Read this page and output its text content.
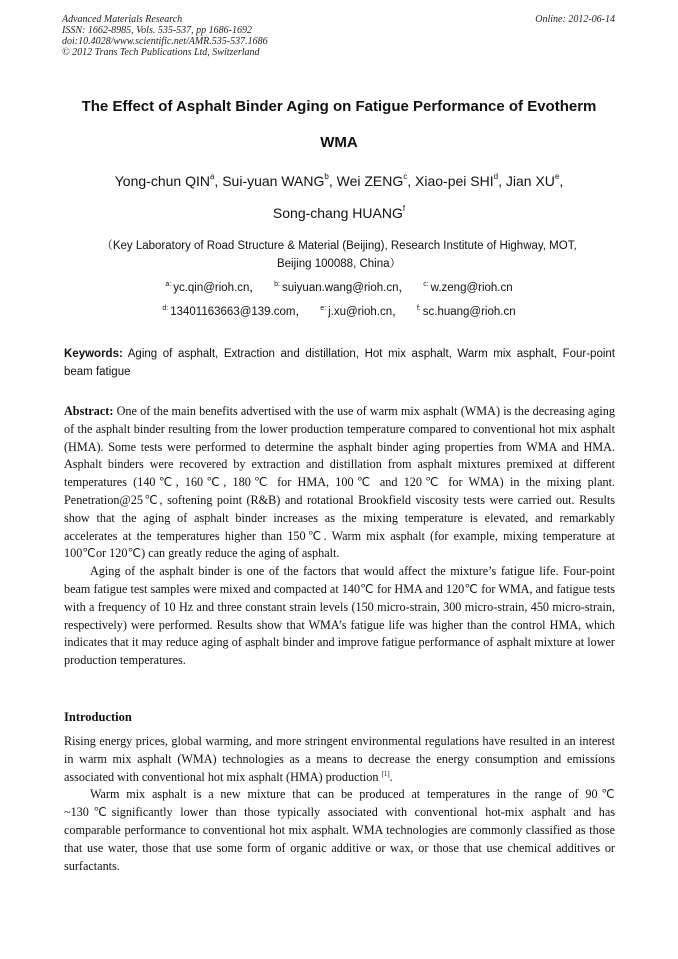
Advanced Materials Research
ISSN: 1662-8985, Vols. 535-537, pp 1686-1692
doi:10.4028/www.scientific.net/AMR.535-537.1686
© 2012 Trans Tech Publications Ltd, Switzerland
Online: 2012-06-14
The Effect of Asphalt Binder Aging on Fatigue Performance of Evotherm
WMA
Yong-chun QIN$^a$, Sui-yuan WANG$^b$, Wei ZENG$^c$, Xiao-pei SHI$^d$, Jian $XU^e$,
Song-chang HUANG$^f$
（Key Laboratory of Road Structure & Material (Beijing), Research Institute of Highway, MOT,
Beijing 100088, China）
$^{a:}$ yc.qin@rioh.cn， $^{b:}$ suiyuan.wang@rioh.cn， $^{c:}$ w.zeng@rioh.cn
$^{d:}$ 13401163663@139.com， $^{e:}$ j.xu@rioh.cn， $^{f:}$ sc.huang@rioh.cn
Keywords: Aging of asphalt, Extraction and distillation, Hot mix asphalt, Warm mix asphalt, Four-point beam fatigue

Abstract: One of the main benefits advertised with the use of warm mix asphalt (WMA) is the decreasing aging of the asphalt binder resulting from the lower production temperature compared to conventional hot mix asphalt (HMA). Some tests were performed to determine the asphalt binder aging properties from WMA and HMA. Asphalt binders were recovered by extraction and distillation from asphalt mixtures premixed at different temperatures (140℃, 160℃, 180℃ for HMA, 100℃ and 120℃ for WMA) in the mixing plant. Penetration@25℃, softening point (R&B) and rotational Brookfield viscosity tests were carried out. Results show that the aging of asphalt binder increases as the mixing temperature is elevated, and remarkably accelerates at the temperatures higher than 150℃. Warm mix asphalt (for example, mixing temperature at 100℃or 120℃) can greatly reduce the aging of asphalt.

Aging of the asphalt binder is one of the factors that would affect the mixture’s fatigue life. Four-point beam fatigue test samples were mixed and compacted at 140℃ for HMA and 120℃ for WMA, and fatigue tests with a frequency of 10 Hz and three constant strain levels (150 micro-strain, 300 micro-strain, 450 micro-strain, respectively) were performed. Results show that WMA’s fatigue life was higher than the control HMA, which indicates that it may reduce aging of asphalt binder and improve fatigue performance of asphalt mixture at lower production temperatures.

Introduction

Rising energy prices, global warming, and more stringent environmental regulations have resulted in an interest in warm mix asphalt (WMA) technologies as a means to decrease the energy consumption and emissions associated with conventional hot mix asphalt (HMA) production [1].

Warm mix asphalt is a new mixture that can be produced at temperatures in the range of 90℃ ~130℃significantly lower than those typically associated with conventional hot-mix asphalt and has comparable performance to conventional hot mix asphalt. WMA technologies are commonly classified as those that use water, those that use some form of organic additive or wax, or those that use chemical additives or surfactants.
